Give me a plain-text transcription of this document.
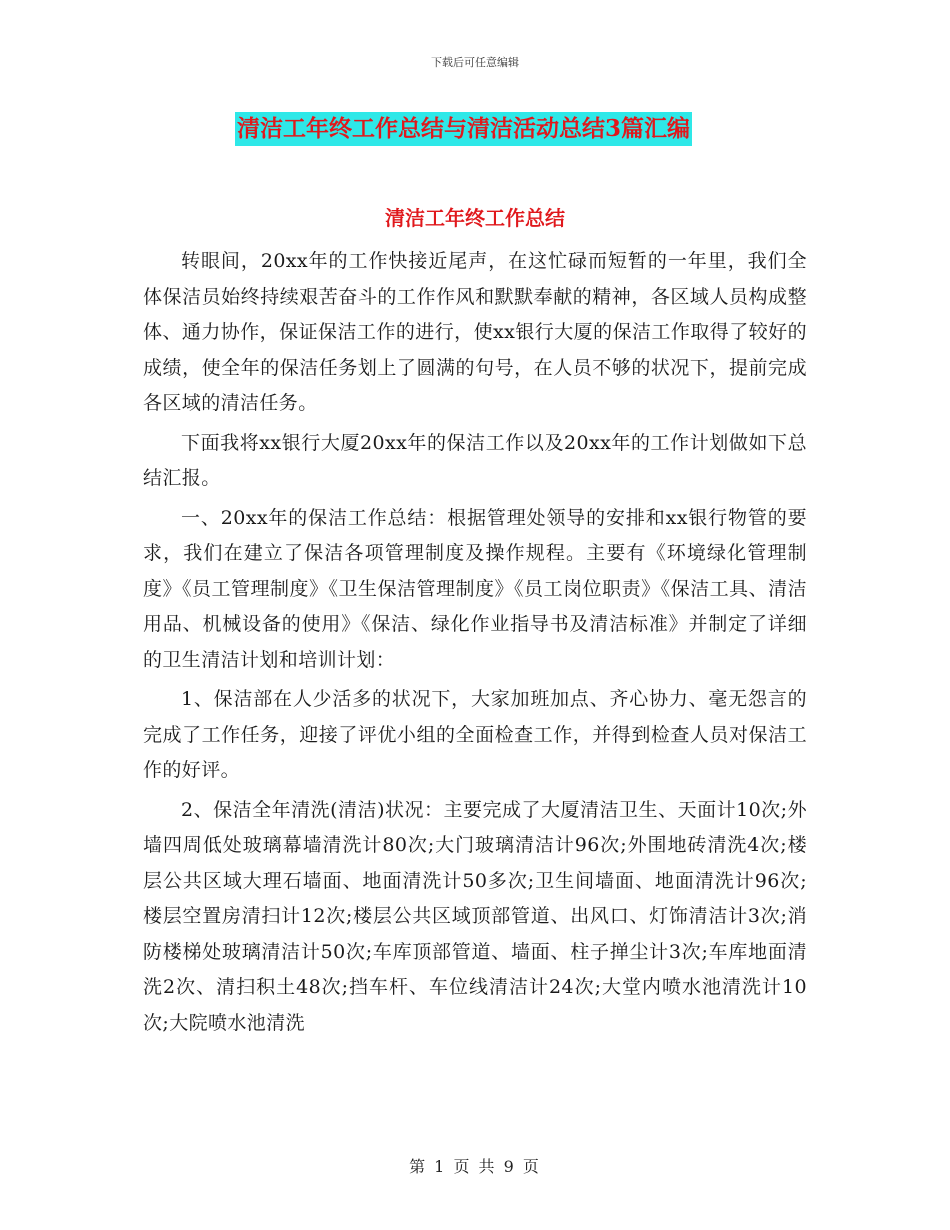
下载后可任意编辑
清洁工年终工作总结与清洁活动总结3篇汇编
清洁工年终工作总结

转眼间，20xx年的工作快接近尾声，在这忙碌而短暂的一年里，我们全体保洁员始终持续艰苦奋斗的工作作风和默默奉献的精神，各区域人员构成整体、通力协作，保证保洁工作的进行，使xx银行大厦的保洁工作取得了较好的成绩，使全年的保洁任务划上了圆满的句号，在人员不够的状况下，提前完成各区域的清洁任务。

下面我将xx银行大厦20xx年的保洁工作以及20xx年的工作计划做如下总结汇报。

一、20xx年的保洁工作总结：根据管理处领导的安排和xx银行物管的要求，我们在建立了保洁各项管理制度及操作规程。主要有《环境绿化管理制度》《员工管理制度》《卫生保洁管理制度》《员工岗位职责》《保洁工具、清洁用品、机械设备的使用》《保洁、绿化作业指导书及清洁标准》并制定了详细的卫生清洁计划和培训计划：

1、保洁部在人少活多的状况下，大家加班加点、齐心协力、毫无怨言的完成了工作任务，迎接了评优小组的全面检查工作，并得到检查人员对保洁工作的好评。

2、保洁全年清洗(清洁)状况：主要完成了大厦清洁卫生、天面计10次;外墙四周低处玻璃幕墙清洗计80次;大门玻璃清洁计96次;外围地砖清洗4次;楼层公共区域大理石墙面、地面清洗计50多次;卫生间墙面、地面清洗计96次;楼层空置房清扫计12次;楼层公共区域顶部管道、出风口、灯饰清洁计3次;消防楼梯处玻璃清洁计50次;车库顶部管道、墙面、柱子掸尘计3次;车库地面清洗2次、清扫积土48次;挡车杆、车位线清洁计24次;大堂内喷水池清洗计10次;大院喷水池清洗

第 1 页 共 9 页
